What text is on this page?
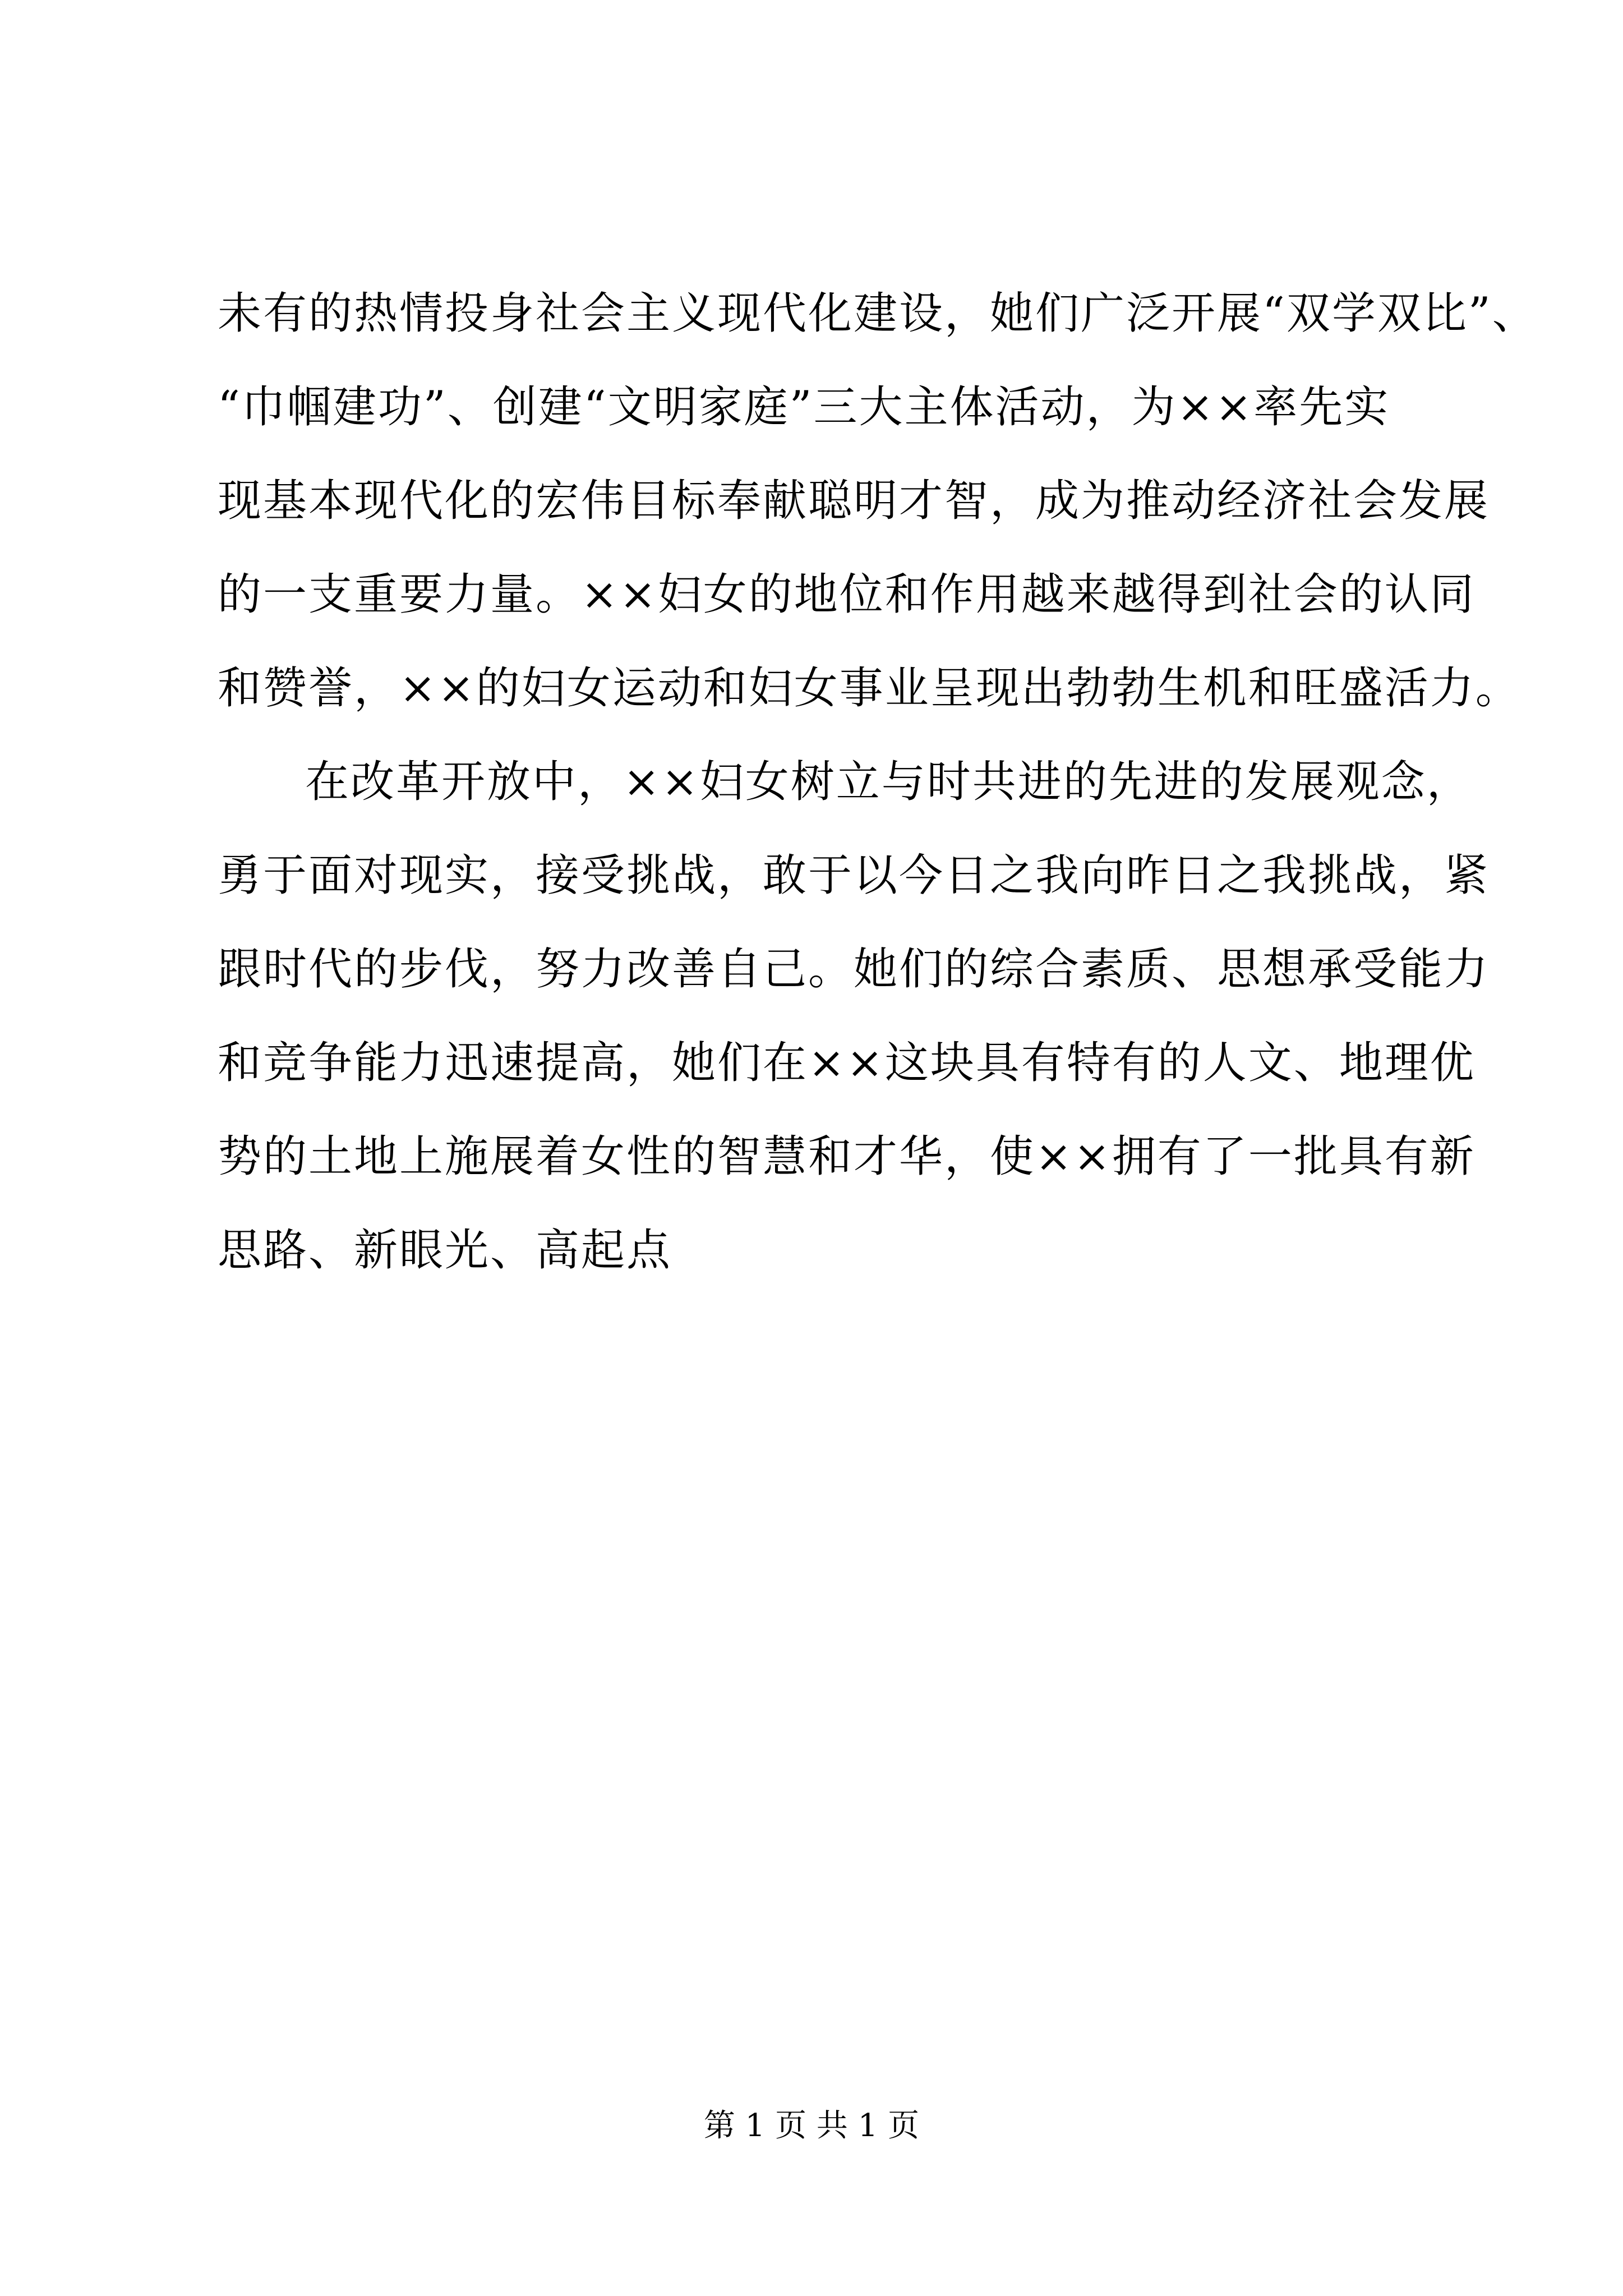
未有的热情投身社会主义现代化建设，她们广泛开展“双学双比”、
“巾帼建功”、创建“文明家庭”三大主体活动，为××率先实
现基本现代化的宏伟目标奉献聪明才智，成为推动经济社会发展
的一支重要力量。××妇女的地位和作用越来越得到社会的认同
和赞誉，××的妇女运动和妇女事业呈现出勃勃生机和旺盛活力。
在改革开放中，××妇女树立与时共进的先进的发展观念，
勇于面对现实，接受挑战，敢于以今日之我向昨日之我挑战，紧
跟时代的步伐，努力改善自己。她们的综合素质、思想承受能力
和竞争能力迅速提高，她们在××这块具有特有的人文、地理优
势的土地上施展着女性的智慧和才华，使××拥有了一批具有新
思路、新眼光、高起点
第 1 页 共 1 页
